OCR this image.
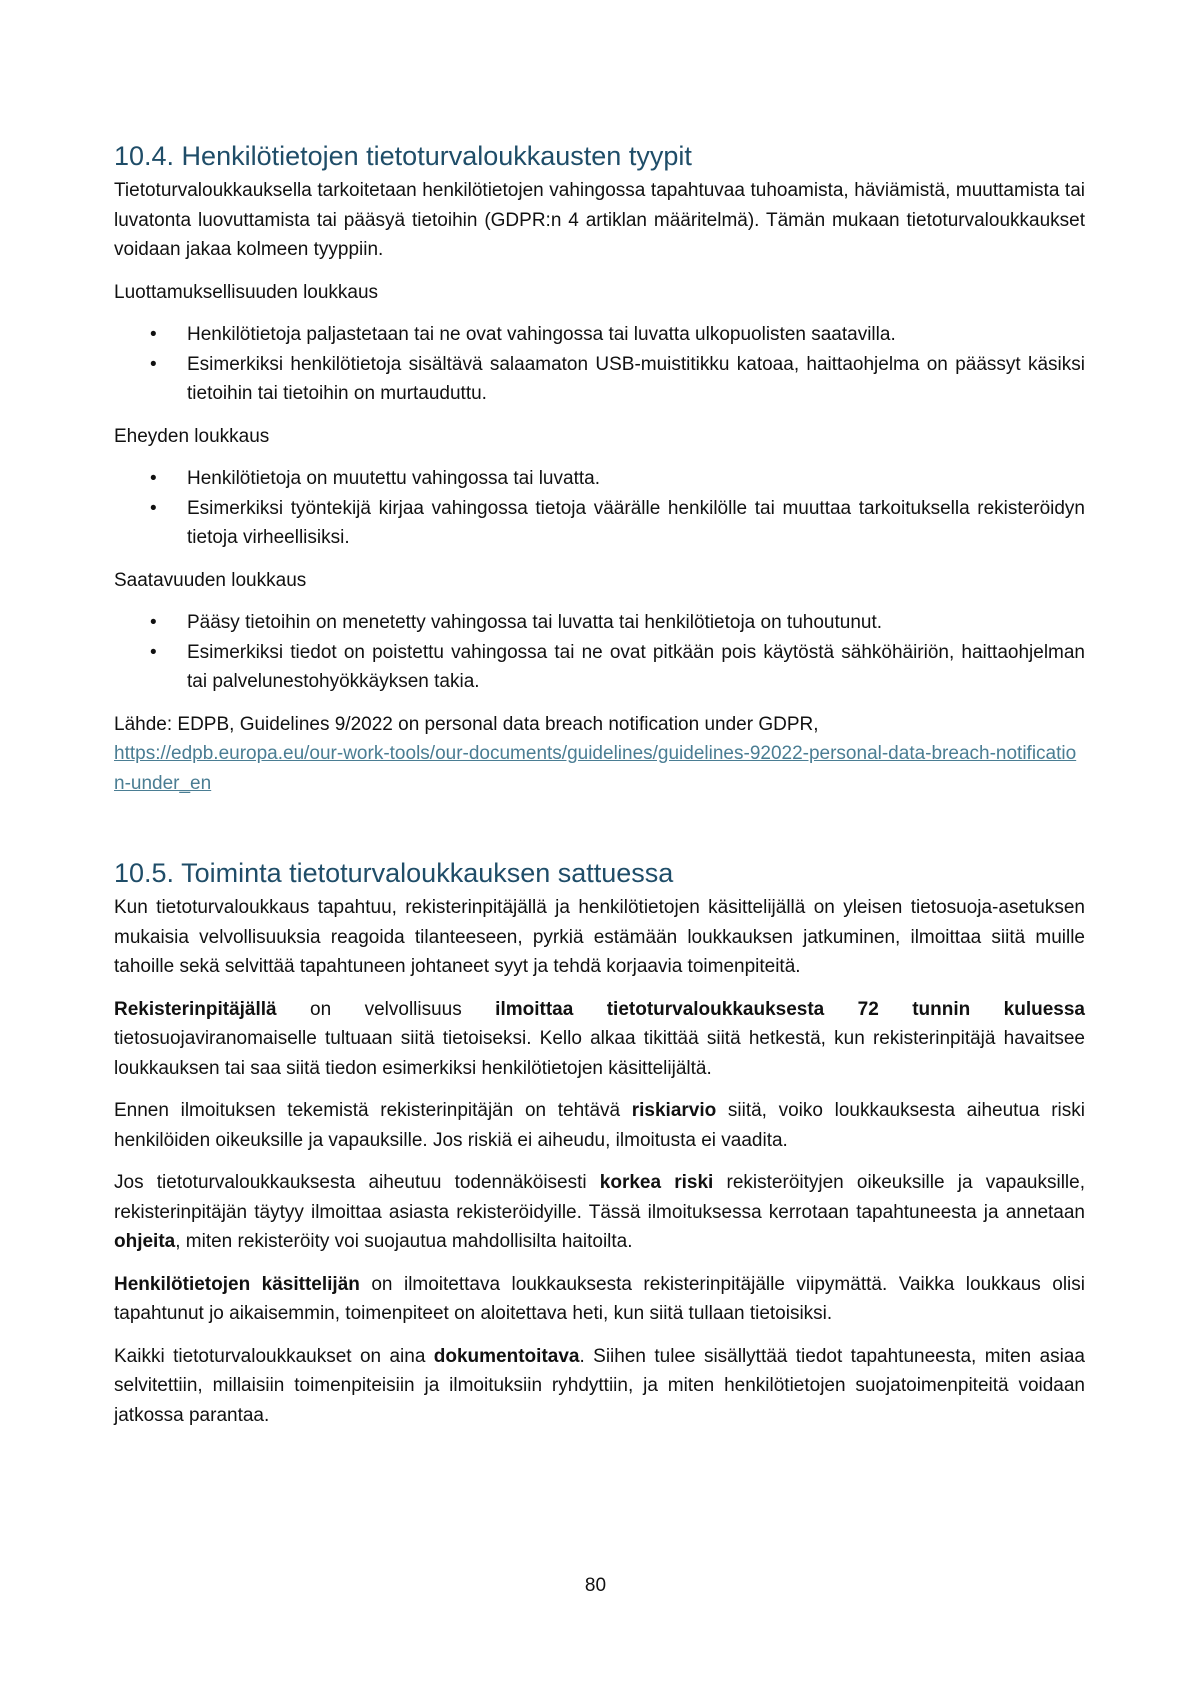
10.4. Henkilötietojen tietoturvaloukkausten tyypit

Tietoturvaloukkauksella tarkoitetaan henkilötietojen vahingossa tapahtuvaa tuhoamista, häviämistä, muuttamista tai luvatonta luovuttamista tai pääsyä tietoihin (GDPR:n 4 artiklan määritelmä). Tämän mukaan tietoturvaloukkaukset voidaan jakaa kolmeen tyyppiin.

Luottamuksellisuuden loukkaus

• Henkilötietoja paljastetaan tai ne ovat vahingossa tai luvatta ulkopuolisten saatavilla.
• Esimerkiksi henkilötietoja sisältävä salaamaton USB-muistitikku katoaa, haittaohjelma on päässyt käsiksi tietoihin tai tietoihin on murtauduttu.

Eheyden loukkaus

• Henkilötietoja on muutettu vahingossa tai luvatta.
• Esimerkiksi työntekijä kirjaa vahingossa tietoja väärälle henkilölle tai muuttaa tarkoituksella rekisteröidyn tietoja virheellisiksi.

Saatavuuden loukkaus

• Pääsy tietoihin on menetetty vahingossa tai luvatta tai henkilötietoja on tuhoutunut.
• Esimerkiksi tiedot on poistettu vahingossa tai ne ovat pitkään pois käytöstä sähköhäiriön, haittaohjelman tai palvelunestohyökkäyksen takia.

Lähde: EDPB, Guidelines 9/2022 on personal data breach notification under GDPR,
https://edpb.europa.eu/our-work-tools/our-documents/guidelines/guidelines-92022-personal-data-breach-notification-under_en

10.5. Toiminta tietoturvaloukkauksen sattuessa

Kun tietoturvaloukkaus tapahtuu, rekisterinpitäjällä ja henkilötietojen käsittelijällä on yleisen tietosuoja-asetuksen mukaisia velvollisuuksia reagoida tilanteeseen, pyrkiä estämään loukkauksen jatkuminen, ilmoittaa siitä muille tahoille sekä selvittää tapahtuneen johtaneet syyt ja tehdä korjaavia toimenpiteitä.

Rekisterinpitäjällä on velvollisuus ilmoittaa tietoturvaloukkauksesta 72 tunnin kuluessa tietosuojaviranomaiselle tultuaan siitä tietoiseksi. Kello alkaa tikittää siitä hetkestä, kun rekisterinpitäjä havaitsee loukkauksen tai saa siitä tiedon esimerkiksi henkilötietojen käsittelijältä.

Ennen ilmoituksen tekemistä rekisterinpitäjän on tehtävä riskiarvio siitä, voiko loukkauksesta aiheutua riski henkilöiden oikeuksille ja vapauksille. Jos riskiä ei aiheudu, ilmoitusta ei vaadita.

Jos tietoturvaloukkauksesta aiheutuu todennäköisesti korkea riski rekisteröityjen oikeuksille ja vapauksille, rekisterinpitäjän täytyy ilmoittaa asiasta rekisteröidyille. Tässä ilmoituksessa kerrotaan tapahtuneesta ja annetaan ohjeita, miten rekisteröity voi suojautua mahdollisilta haitoilta.

Henkilötietojen käsittelijän on ilmoitettava loukkauksesta rekisterinpitäjälle viipymättä. Vaikka loukkaus olisi tapahtunut jo aikaisemmin, toimenpiteet on aloitettava heti, kun siitä tullaan tietoisiksi.

Kaikki tietoturvaloukkaukset on aina dokumentoitava. Siihen tulee sisällyttää tiedot tapahtuneesta, miten asiaa selvitettiin, millaisiin toimenpiteisiin ja ilmoituksiin ryhdyttiin, ja miten henkilötietojen suojatoimenpiteitä voidaan jatkossa parantaa.

80
